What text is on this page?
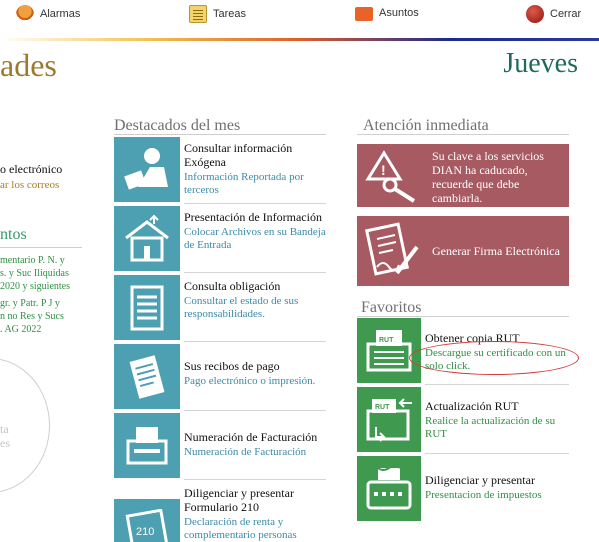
Alarmas	Tareas	Asuntos	Cerrar
ades	Jueves
o electrónico
ar los correos
ntos
mentario P. N. y
s. y Suc Iliquidas
2020 y siguientes
gr. y Patr. P J y
n no Res y Sucs
. AG 2022
ta
es
Destacados del mes
Consultar información Exógena
Información Reportada por terceros
Presentación de Información
Colocar Archivos en su Bandeja de Entrada
Consulta obligación
Consultar el estado de sus responsabilidades.
Sus recibos de pago
Pago electrónico o impresión.
Numeración de Facturación
Numeración de Facturación
210
Diligenciar y presentar Formulario 210
Declaración de renta y complementario personas
Atención inmediata
!
Su clave a los servicios DIAN ha caducado, recuerde que debe cambiarla.
Generar Firma Electrónica
Favoritos
RUT	Obtener copia RUT
Descargue su certificado con un solo click.
RUT	Actualización RUT
Realice la actualización de su RUT
Diligenciar y presentar
Presentacion de impuestos
